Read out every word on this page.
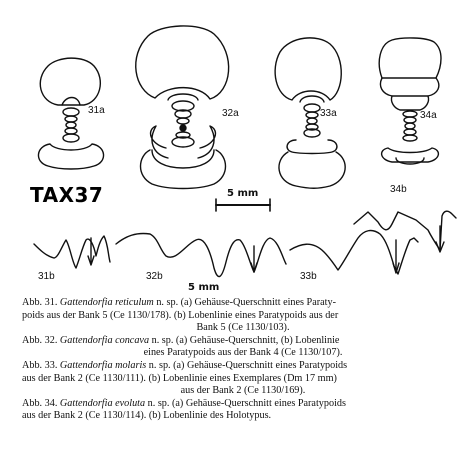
31a	32a	33a	34a
34b
31b	32b	33b
TAX37	5 mm
5 mm

Abb. 31. Gattendorfia reticulum n. sp. (a) Gehäuse-Querschnitt eines Paraty-
poids aus der Bank 5 (Ce 1130/178). (b) Lobenlinie eines Paratypoids aus der

Bank 5 (Ce 1130/103).

Abb. 32. Gattendorfia concava n. sp. (a) Gehäuse-Querschnitt, (b) Lobenlinie

eines Paratypoids aus der Bank 4 (Ce 1130/107).

Abb. 33. Gattendorfia molaris n. sp. (a) Gehäuse-Querschnitt eines Paratypoids
aus der Bank 2 (Ce 1130/111). (b) Lobenlinie eines Exemplares (Dm 17 mm)

aus der Bank 2 (Ce 1130/169).

Abb. 34. Gattendorfia evoluta n. sp. (a) Gehäuse-Querschnitt eines Paratypoids
aus der Bank 2 (Ce 1130/114). (b) Lobenlinie des Holotypus.
